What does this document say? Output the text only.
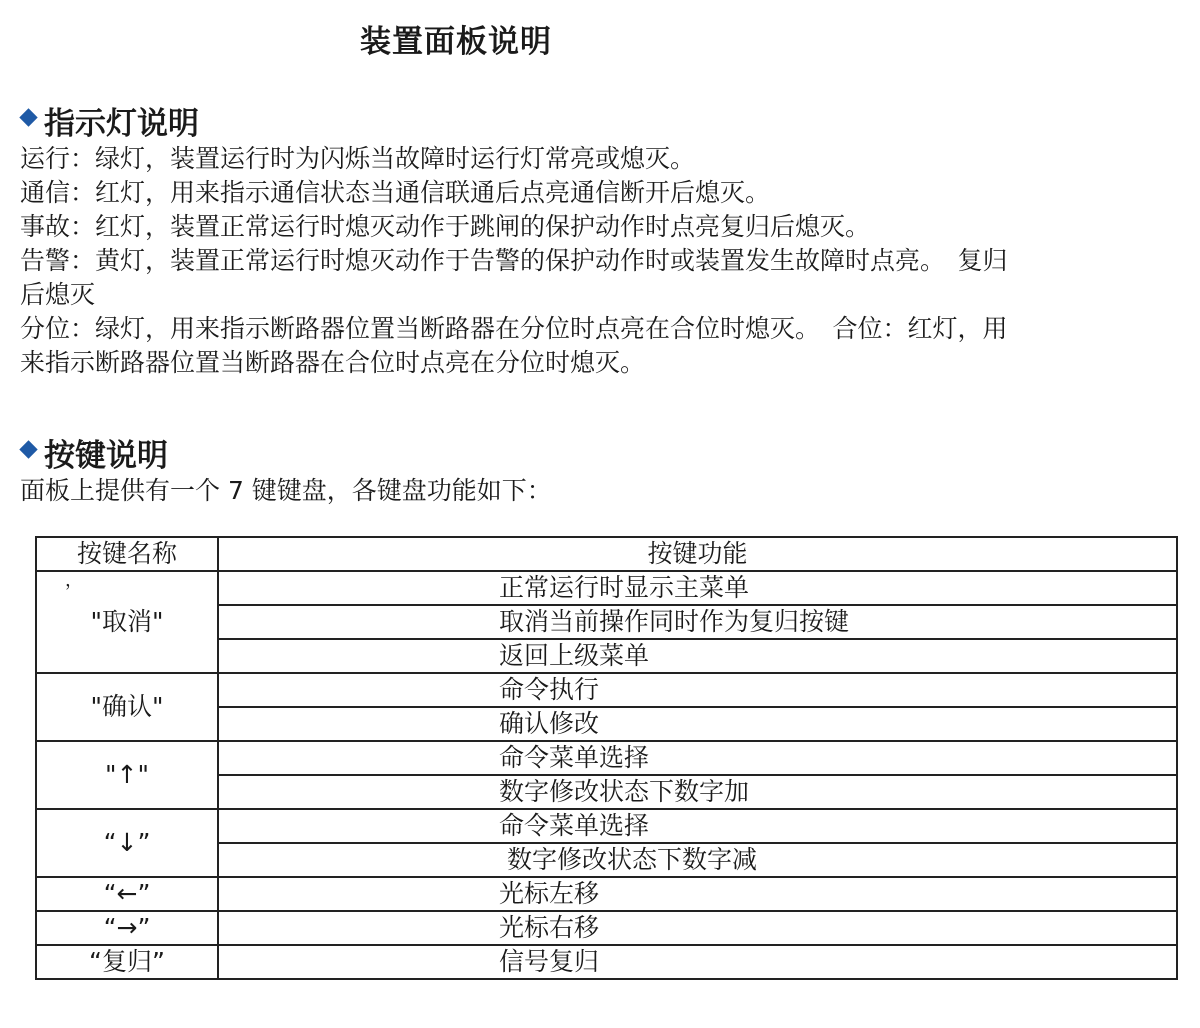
装置面板说明
指示灯说明
运行：绿灯，装置运行时为闪烁当故障时运行灯常亮或熄灭。
通信：红灯，用来指示通信状态当通信联通后点亮通信断开后熄灭。
事故：红灯，装置正常运行时熄灭动作于跳闸的保护动作时点亮复归后熄灭。
告警：黄灯，装置正常运行时熄灭动作于告警的保护动作时或装置发生故障时点亮。　复归
后熄灭
分位：绿灯，用来指示断路器位置当断路器在分位时点亮在合位时熄灭。　合位：红灯，用
来指示断路器位置当断路器在合位时点亮在分位时熄灭。
按键说明
面板上提供有一个 7 键键盘，各键盘功能如下：
按键名称	按键功能

，
"取消"	正常运行时显示主菜单
	取消当前操作同时作为复归按键
	返回上级菜单
"确认"	命令执行
	确认修改
"↑"	命令菜单选择
	数字修改状态下数字加
“↓”	命令菜单选择
	数字修改状态下数字减
“←”	光标左移
“→”	光标右移
“复归”	信号复归
